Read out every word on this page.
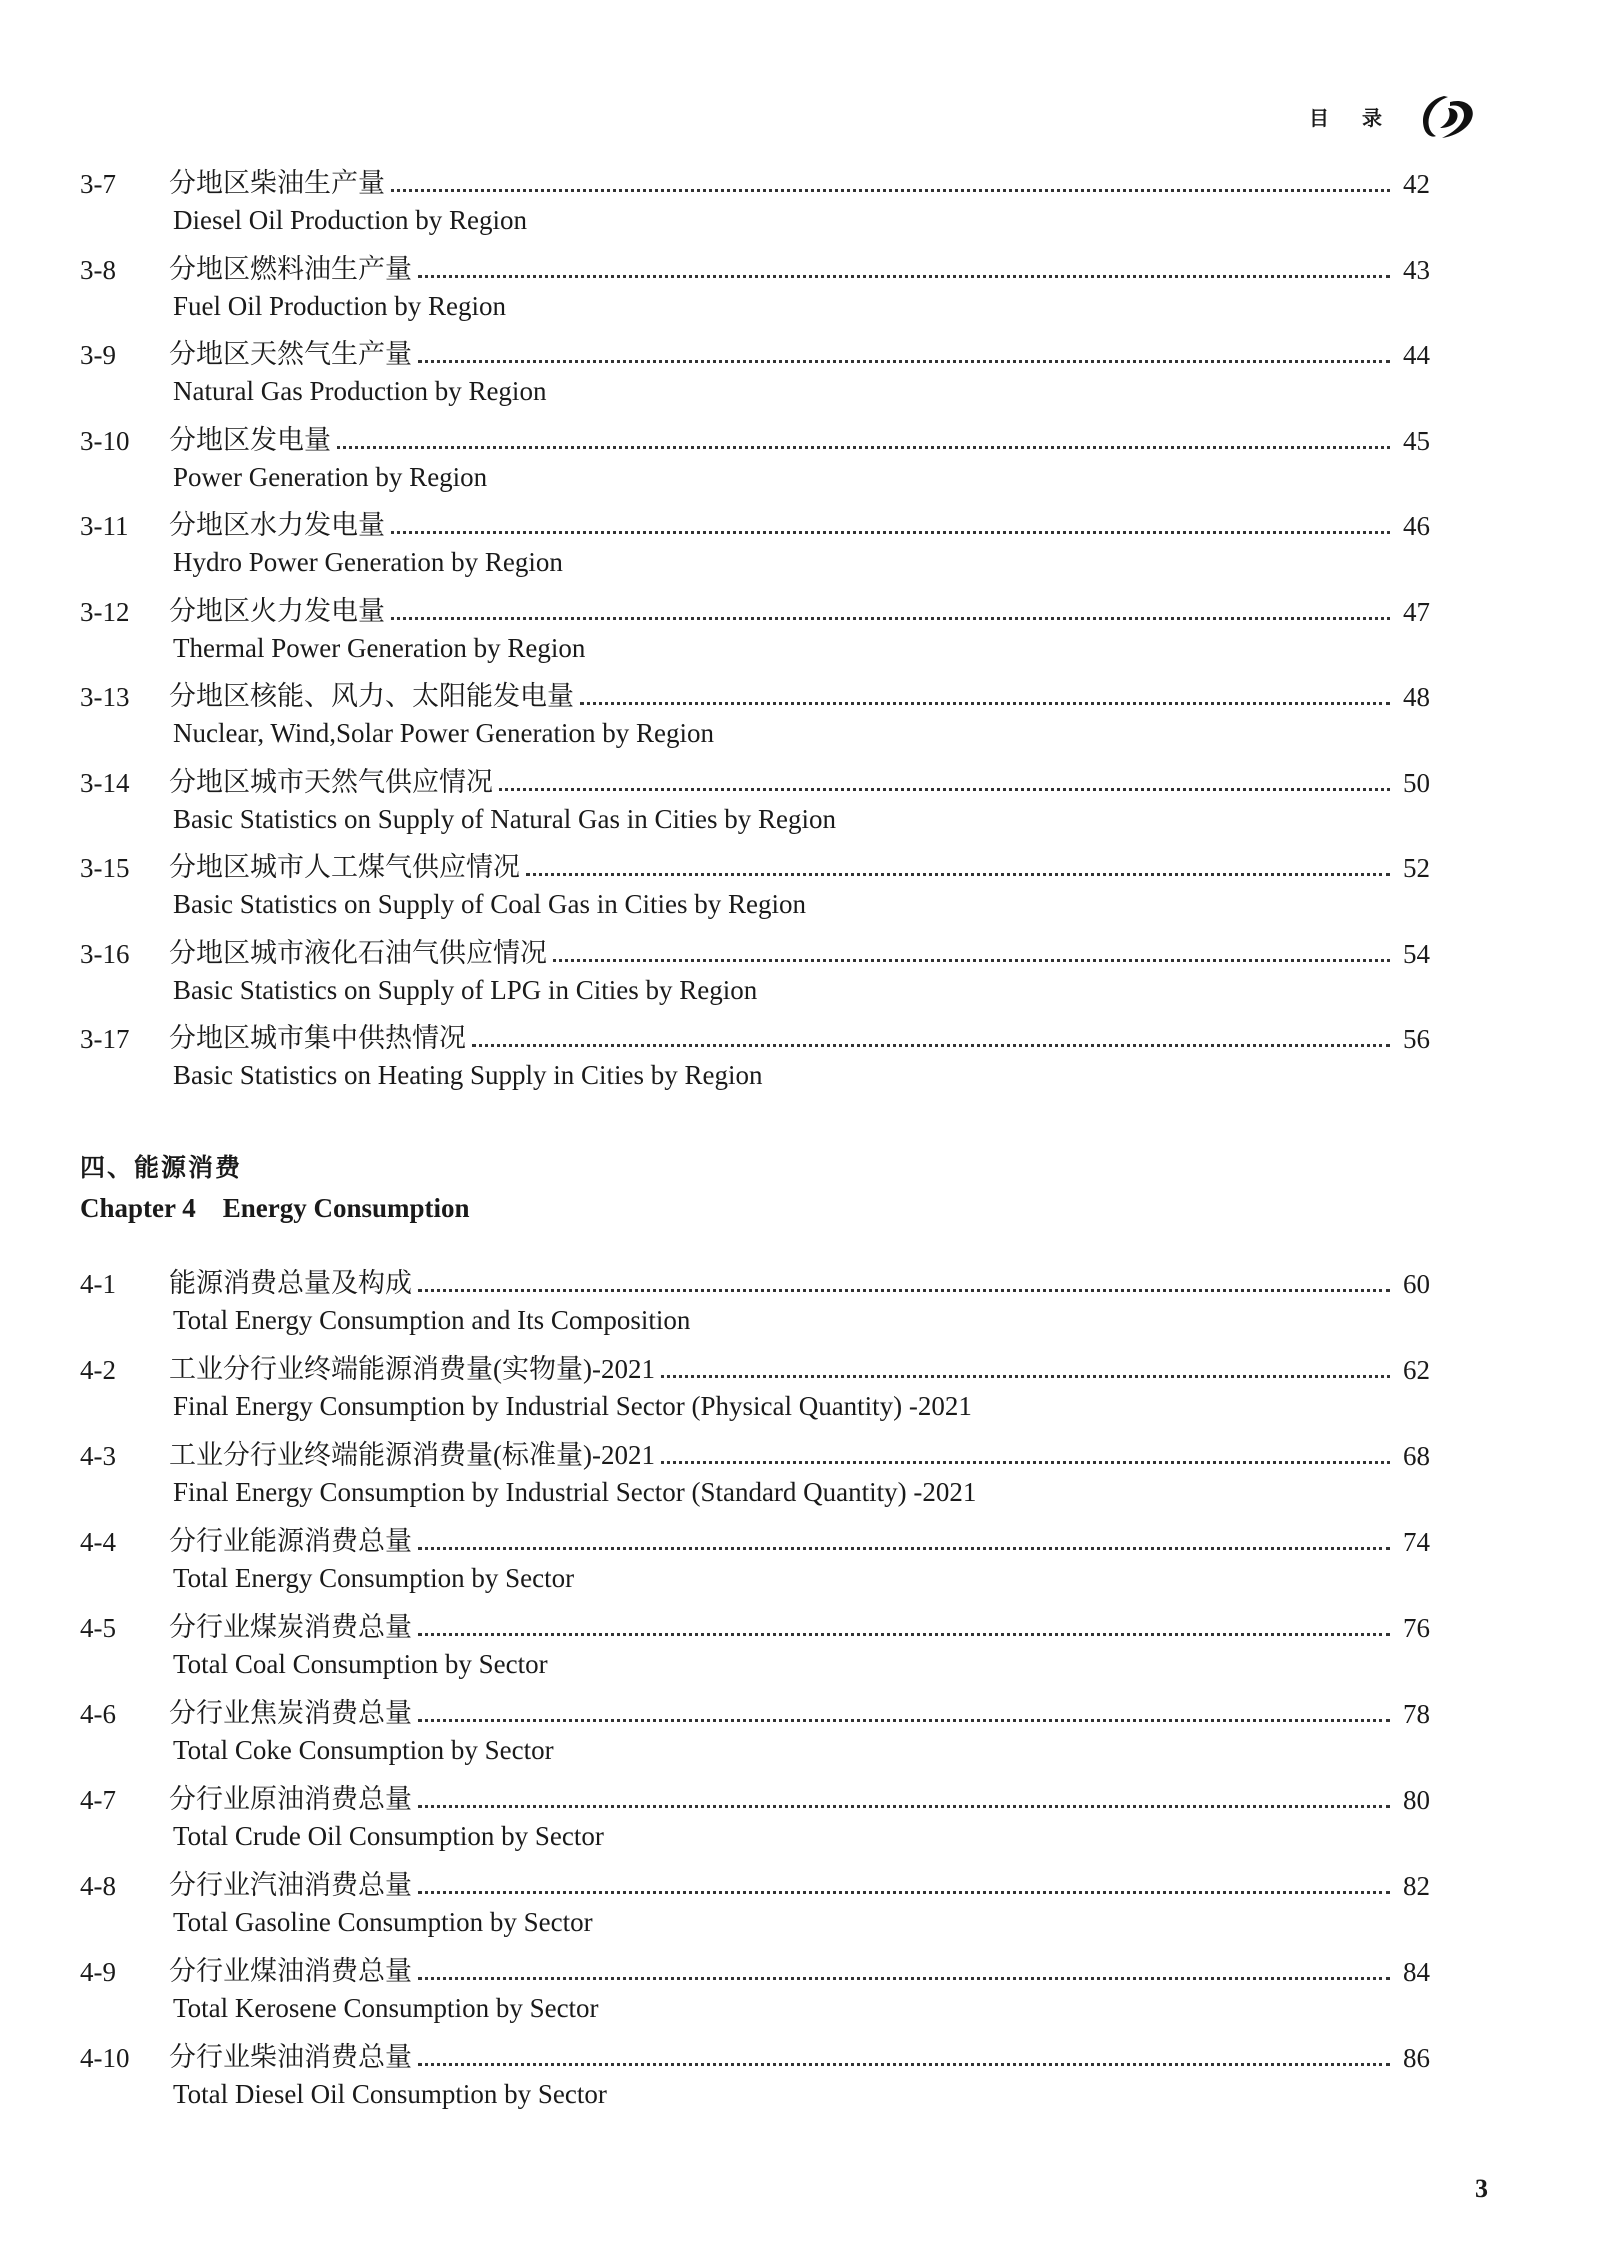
目 录
3-7	分地区柴油生产量	42
Diesel Oil Production by Region
3-8	分地区燃料油生产量	43
Fuel Oil Production by Region
3-9	分地区天然气生产量	44
Natural Gas Production by Region
3-10	分地区发电量	45
Power Generation by Region
3-11	分地区水力发电量	46
Hydro Power Generation by Region
3-12	分地区火力发电量	47
Thermal Power Generation by Region
3-13	分地区核能、风力、太阳能发电量	48
Nuclear, Wind,Solar Power Generation by Region
3-14	分地区城市天然气供应情况	50
Basic Statistics on Supply of Natural Gas in Cities by Region
3-15	分地区城市人工煤气供应情况	52
Basic Statistics on Supply of Coal Gas in Cities by Region
3-16	分地区城市液化石油气供应情况	54
Basic Statistics on Supply of LPG in Cities by Region
3-17	分地区城市集中供热情况	56
Basic Statistics on Heating Supply in Cities by Region
四、能源消费
Chapter 4    Energy Consumption
4-1	能源消费总量及构成	60
Total Energy Consumption and Its Composition
4-2	工业分行业终端能源消费量(实物量)-2021	62
Final Energy Consumption by Industrial Sector (Physical Quantity) -2021
4-3	工业分行业终端能源消费量(标准量)-2021	68
Final Energy Consumption by Industrial Sector (Standard Quantity) -2021
4-4	分行业能源消费总量	74
Total Energy Consumption by Sector
4-5	分行业煤炭消费总量	76
Total Coal Consumption by Sector
4-6	分行业焦炭消费总量	78
Total Coke Consumption by Sector
4-7	分行业原油消费总量	80
Total Crude Oil Consumption by Sector
4-8	分行业汽油消费总量	82
Total Gasoline Consumption by Sector
4-9	分行业煤油消费总量	84
Total Kerosene Consumption by Sector
4-10	分行业柴油消费总量	86
Total Diesel Oil Consumption by Sector
3
